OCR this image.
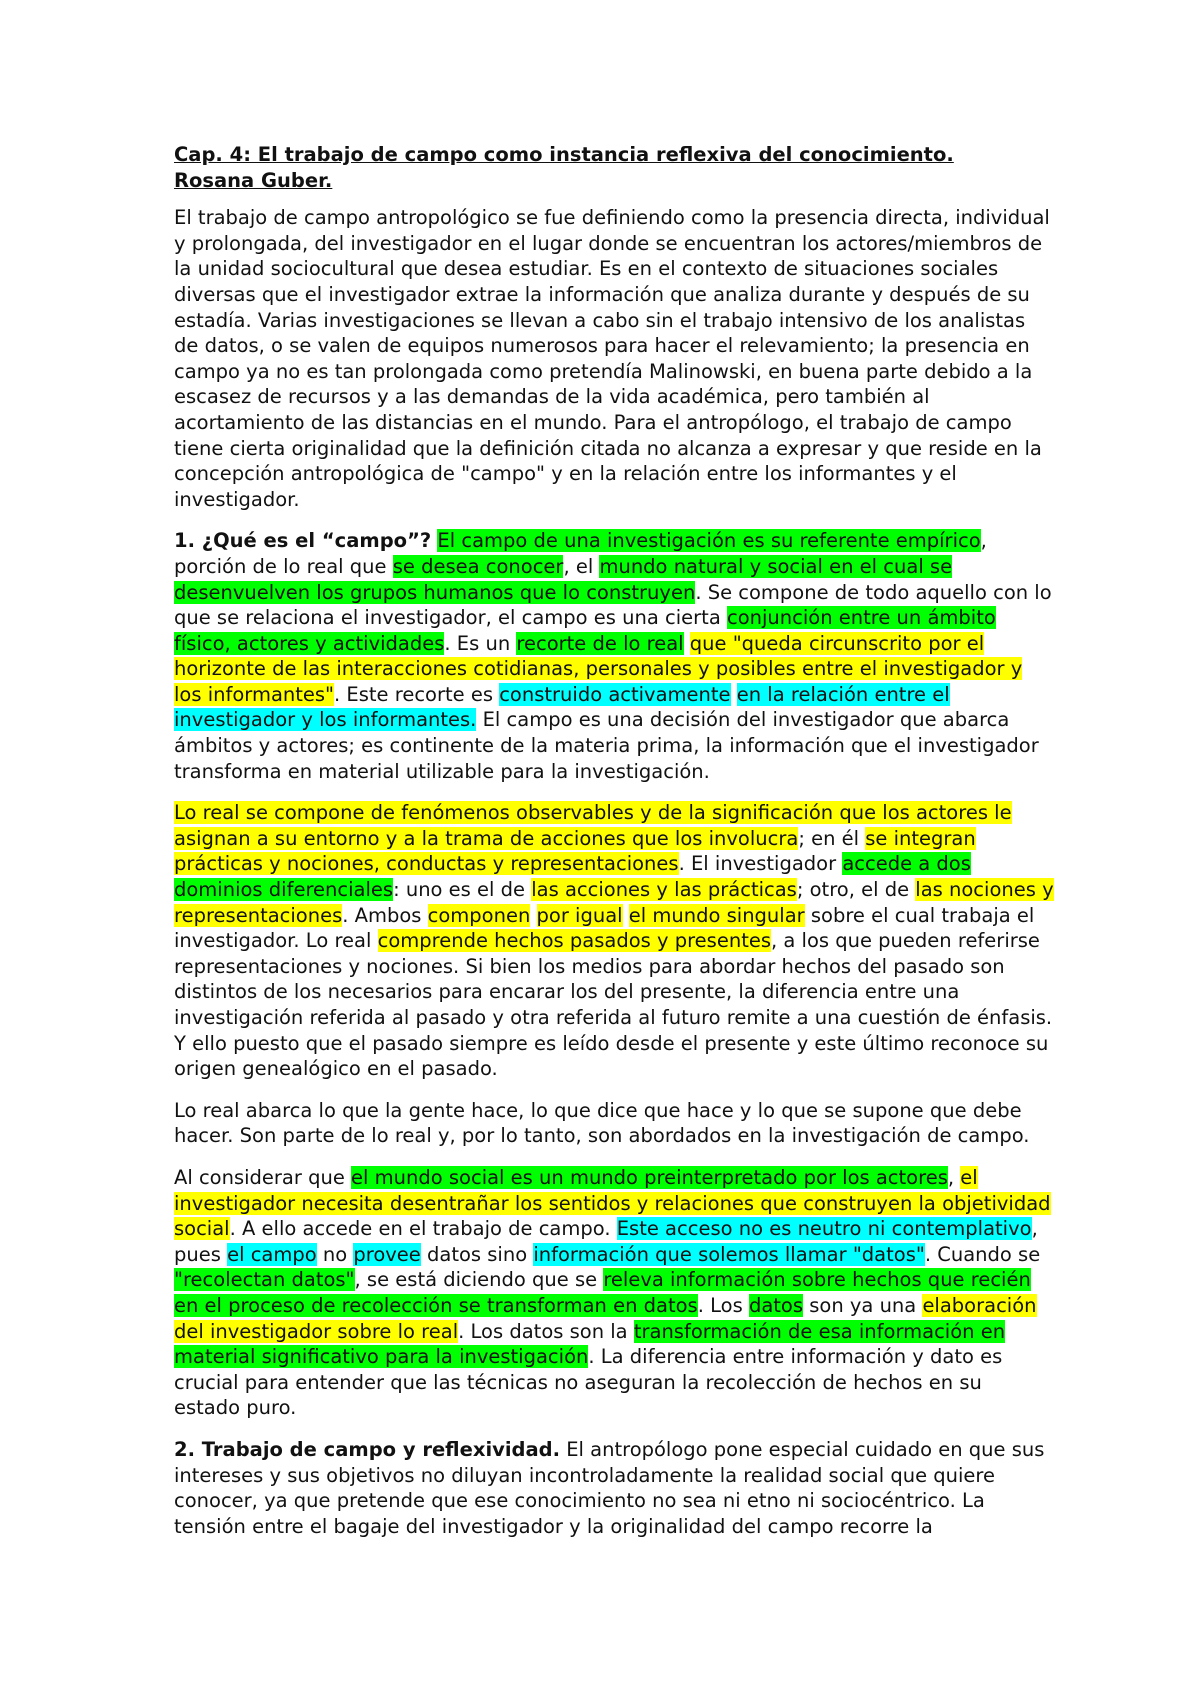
Cap. 4: El trabajo de campo como instancia reflexiva del conocimiento.
Rosana Guber.

El trabajo de campo antropológico se fue definiendo como la presencia directa, individual y prolongada, del investigador en el lugar donde se encuentran los actores/miembros de la unidad sociocultural que desea estudiar. Es en el contexto de situaciones sociales diversas que el investigador extrae la información que analiza durante y después de su estadía. Varias investigaciones se llevan a cabo sin el trabajo intensivo de los analistas de datos, o se valen de equipos numerosos para hacer el relevamiento; la presencia en campo ya no es tan prolongada como pretendía Malinowski, en buena parte debido a la escasez de recursos y a las demandas de la vida académica, pero también al acortamiento de las distancias en el mundo. Para el antropólogo, el trabajo de campo tiene cierta originalidad que la definición citada no alcanza a expresar y que reside en la concepción antropológica de "campo" y en la relación entre los informantes y el investigador.

1. ¿Qué es el “campo”? El campo de una investigación es su referente empírico, porción de lo real que se desea conocer, el mundo natural y social en el cual se desenvuelven los grupos humanos que lo construyen. Se compone de todo aquello con lo que se relaciona el investigador, el campo es una cierta conjunción entre un ámbito físico, actores y actividades. Es un recorte de lo real que "queda circunscrito por el horizonte de las interacciones cotidianas, personales y posibles entre el investigador y los informantes". Este recorte es construido activamente en la relación entre el investigador y los informantes. El campo es una decisión del investigador que abarca ámbitos y actores; es continente de la materia prima, la información que el investigador transforma en material utilizable para la investigación.

Lo real se compone de fenómenos observables y de la significación que los actores le asignan a su entorno y a la trama de acciones que los involucra; en él se integran prácticas y nociones, conductas y representaciones. El investigador accede a dos dominios diferenciales: uno es el de las acciones y las prácticas; otro, el de las nociones y representaciones. Ambos componen por igual el mundo singular sobre el cual trabaja el investigador. Lo real comprende hechos pasados y presentes, a los que pueden referirse representaciones y nociones. Si bien los medios para abordar hechos del pasado son distintos de los necesarios para encarar los del presente, la diferencia entre una investigación referida al pasado y otra referida al futuro remite a una cuestión de énfasis. Y ello puesto que el pasado siempre es leído desde el presente y este último reconoce su origen genealógico en el pasado.

Lo real abarca lo que la gente hace, lo que dice que hace y lo que se supone que debe hacer. Son parte de lo real y, por lo tanto, son abordados en la investigación de campo.

Al considerar que el mundo social es un mundo preinterpretado por los actores, el investigador necesita desentrañar los sentidos y relaciones que construyen la objetividad social. A ello accede en el trabajo de campo. Este acceso no es neutro ni contemplativo, pues el campo no provee datos sino información que solemos llamar "datos". Cuando se "recolectan datos", se está diciendo que se releva información sobre hechos que recién en el proceso de recolección se transforman en datos. Los datos son ya una elaboración del investigador sobre lo real. Los datos son la transformación de esa información en material significativo para la investigación. La diferencia entre información y dato es crucial para entender que las técnicas no aseguran la recolección de hechos en su estado puro.

2. Trabajo de campo y reflexividad. El antropólogo pone especial cuidado en que sus intereses y sus objetivos no diluyan incontroladamente la realidad social que quiere conocer, ya que pretende que ese conocimiento no sea ni etno ni sociocéntrico. La tensión entre el bagaje del investigador y la originalidad del campo recorre la
